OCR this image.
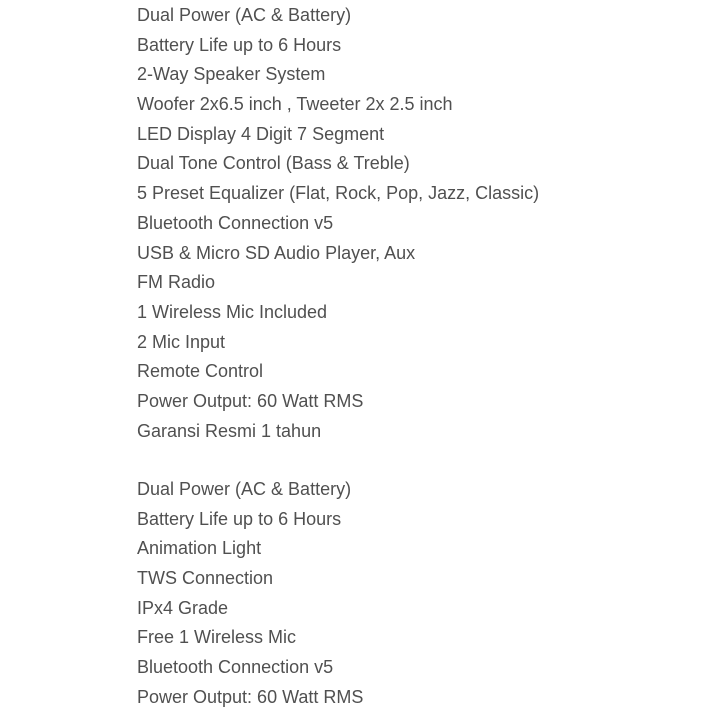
Dual Power (AC & Battery)
Battery Life up to 6 Hours
2-Way Speaker System
Woofer 2x6.5 inch , Tweeter 2x 2.5 inch
LED Display 4 Digit 7 Segment
Dual Tone Control (Bass & Treble)
5 Preset Equalizer (Flat, Rock, Pop, Jazz, Classic)
Bluetooth Connection v5
USB & Micro SD Audio Player, Aux
FM Radio
1 Wireless Mic Included
2 Mic Input
Remote Control
Power Output: 60 Watt RMS
Garansi Resmi 1 tahun
Dual Power (AC & Battery)
Battery Life up to 6 Hours
Animation Light
TWS Connection
IPx4 Grade
Free 1 Wireless Mic
Bluetooth Connection v5
Power Output: 60 Watt RMS
